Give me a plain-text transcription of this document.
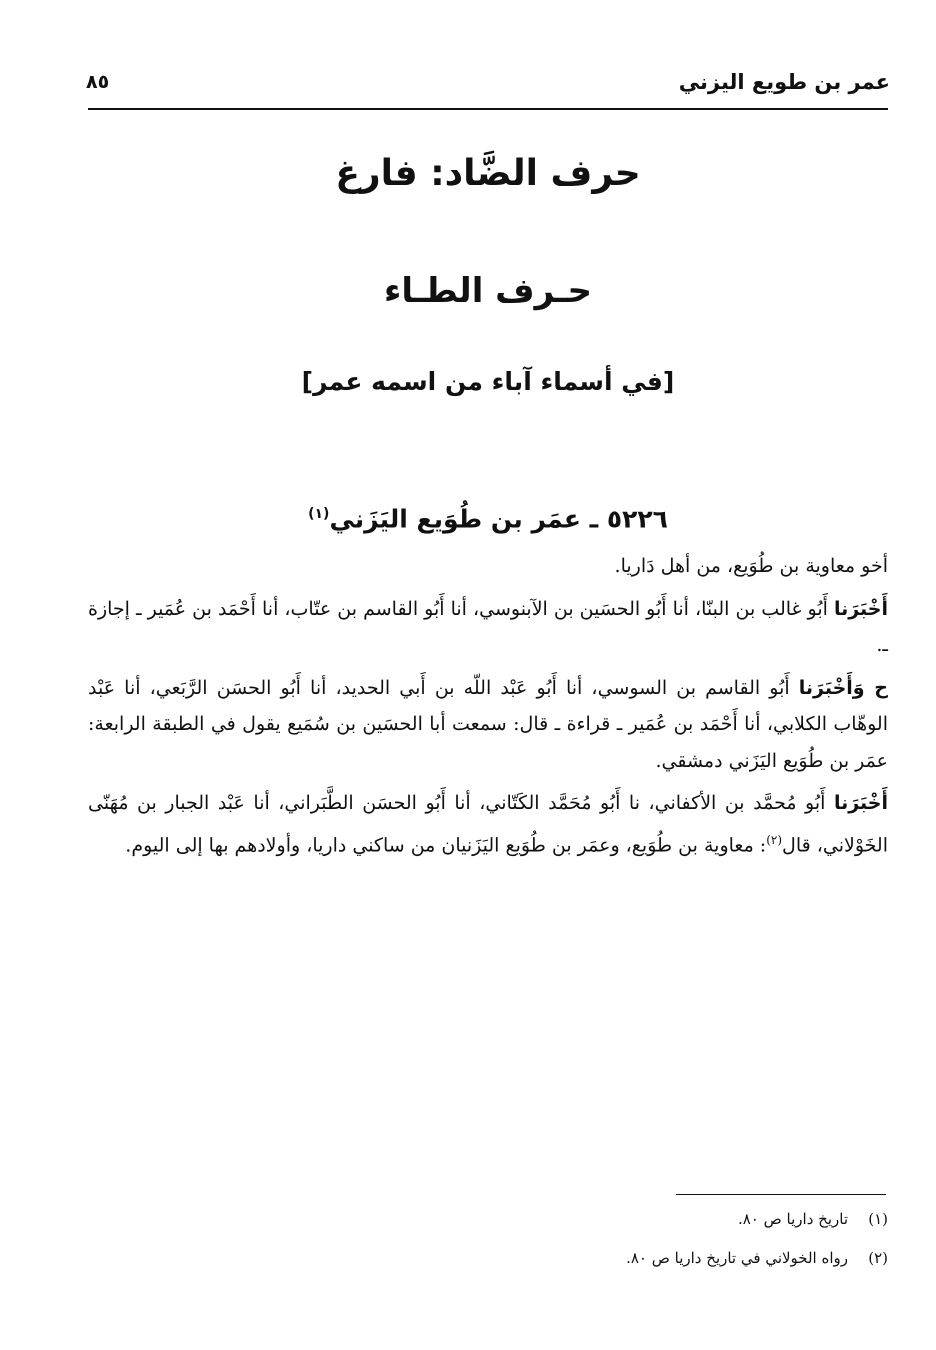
عمر بن طويع اليزني
٨٥
حرف الضَّاد: فارغ
حـرف الطـاء
[في أسماء آباء من اسمه عمر]
٥٢٢٦ ـ عمَر بن طُوَيع اليَزَني$^{(١)}$

أخو معاوية بن طُوَيع، من أهل دَاريا.

أَخْبَرَنا أَبُو غالب بن البنّا، أنا أَبُو الحسَين بن الآبنوسي، أنا أَبُو القاسم بن عتّاب، أنا أَحْمَد بن عُمَير ـ إجازة ـ.

ح وَأَخْبَرَنا أَبُو القاسم بن السوسي، أنا أَبُو عَبْد اللّه بن أَبي الحديد، أنا أَبُو الحسَن الرَّبَعي، أنا عَبْد الوهّاب الكلابي، أنا أَحْمَد بن عُمَير ـ قراءة ـ قال: سمعت أبا الحسَين بن سُمَيع يقول في الطبقة الرابعة: عمَر بن طُوَيع اليَزَني دمشقي.

أَخْبَرَنا أَبُو مُحمَّد بن الأكفاني، نا أَبُو مُحَمَّد الكَتّاني، أنا أَبُو الحسَن الطَّبَراني، أنا عَبْد الجبار بن مُهَنّى الخَوْلاني، قال$^{(٢)}$: معاوية بن طُوَيع، وعمَر بن طُوَيع اليَزَنيان من ساكني داريا، وأولادهم بها إلى اليوم.

(١)تاريخ داريا ص ٨٠.
(٢)رواه الخولاني في تاريخ داريا ص ٨٠.
